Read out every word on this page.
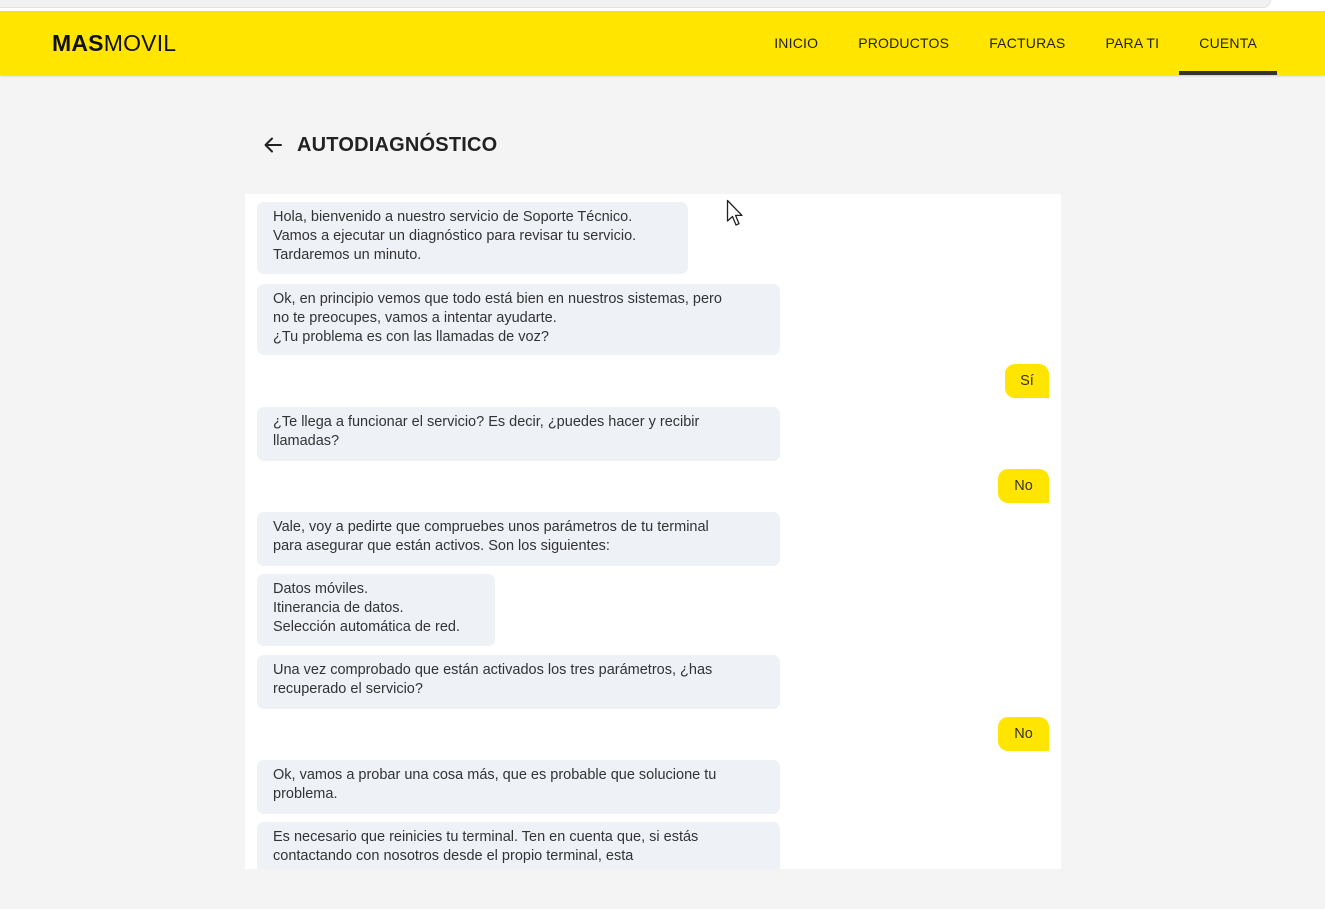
MASMOVIL	INICIO	PRODUCTOS	FACTURAS	PARA TI	CUENTA
AUTODIAGNÓSTICO
Hola, bienvenido a nuestro servicio de Soporte Técnico.
Vamos a ejecutar un diagnóstico para revisar tu servicio.
Tardaremos un minuto.
Ok, en principio vemos que todo está bien en nuestros sistemas, pero
no te preocupes, vamos a intentar ayudarte.
¿Tu problema es con las llamadas de voz?
Sí
¿Te llega a funcionar el servicio? Es decir, ¿puedes hacer y recibir
llamadas?
No
Vale, voy a pedirte que compruebes unos parámetros de tu terminal
para asegurar que están activos. Son los siguientes:
Datos móviles.
Itinerancia de datos.
Selección automática de red.
Una vez comprobado que están activados los tres parámetros, ¿has
recuperado el servicio?
No
Ok, vamos a probar una cosa más, que es probable que solucione tu
problema.
Es necesario que reinicies tu terminal. Ten en cuenta que, si estás
contactando con nosotros desde el propio terminal, esta
